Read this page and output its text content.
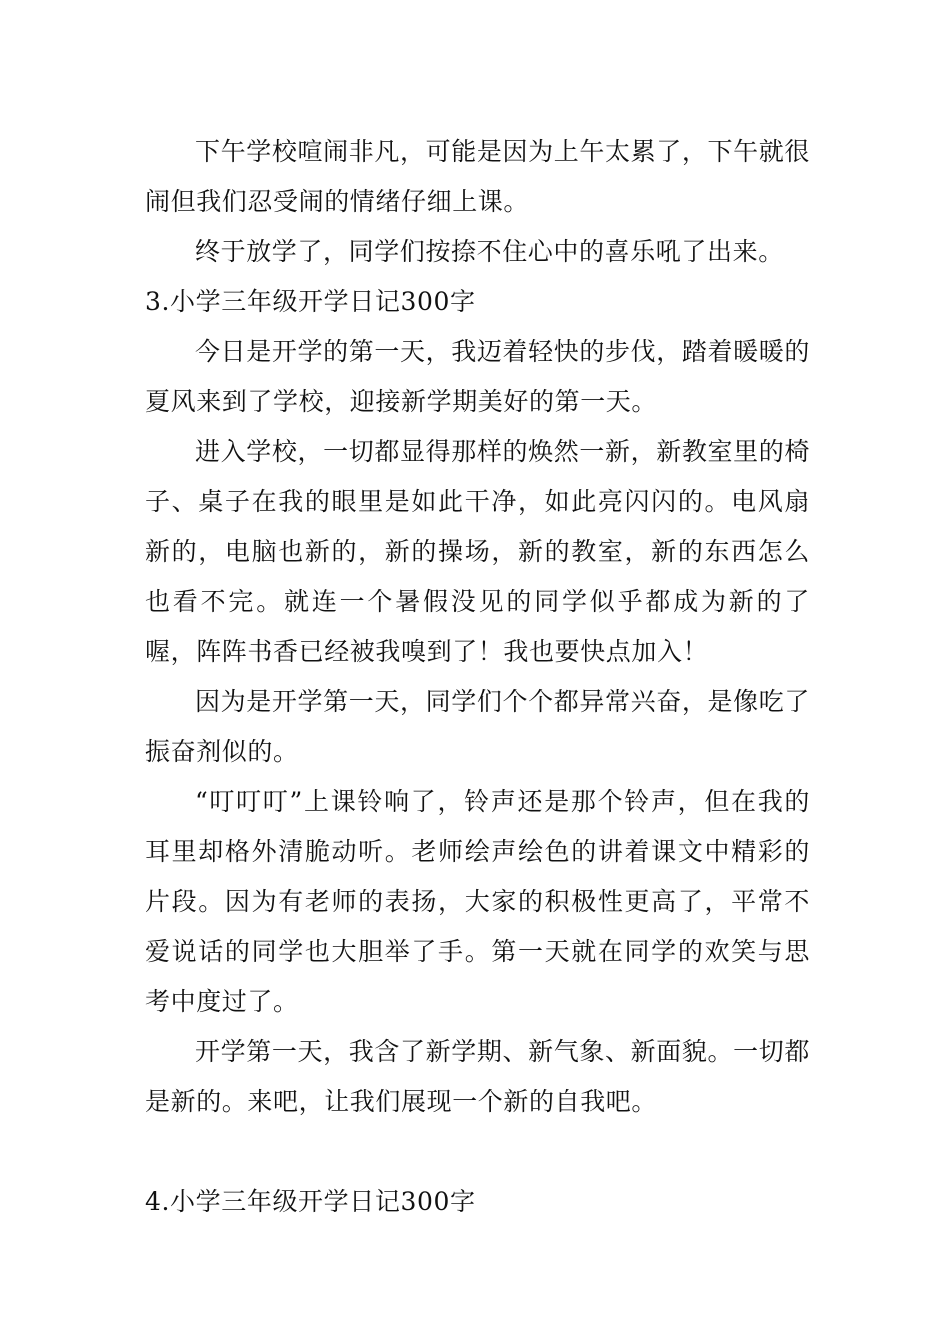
下午学校喧闹非凡，可能是因为上午太累了，下午就很闹但我们忍受闹的情绪仔细上课。

终于放学了，同学们按捺不住心中的喜乐吼了出来。

3.小学三年级开学日记300字

今日是开学的第一天，我迈着轻快的步伐，踏着暖暖的夏风来到了学校，迎接新学期美好的第一天。

进入学校，一切都显得那样的焕然一新，新教室里的椅子、桌子在我的眼里是如此干净，如此亮闪闪的。电风扇新的，电脑也新的，新的操场，新的教室，新的东西怎么也看不完。就连一个暑假没见的同学似乎都成为新的了喔，阵阵书香已经被我嗅到了！我也要快点加入！

因为是开学第一天，同学们个个都异常兴奋，是像吃了振奋剂似的。

“叮叮叮”上课铃响了，铃声还是那个铃声，但在我的耳里却格外清脆动听。老师绘声绘色的讲着课文中精彩的片段。因为有老师的表扬，大家的积极性更高了，平常不爱说话的同学也大胆举了手。第一天就在同学的欢笑与思考中度过了。

开学第一天，我含了新学期、新气象、新面貌。一切都是新的。来吧，让我们展现一个新的自我吧。

4.小学三年级开学日记300字
